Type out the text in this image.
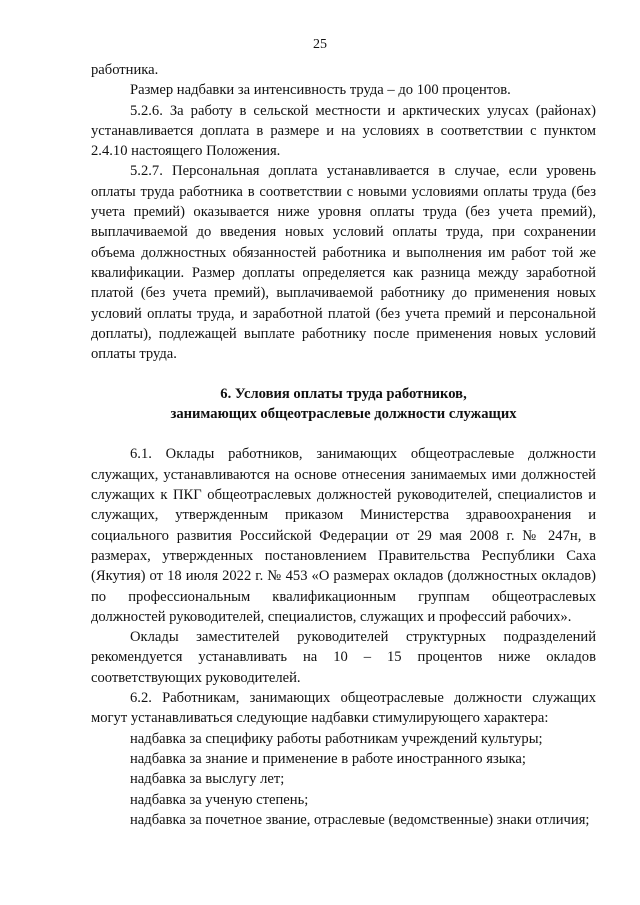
25

работника.

Размер надбавки за интенсивность труда – до 100 процентов.

5.2.6. За работу в сельской местности и арктических улусах (районах) устанавливается доплата в размере и на условиях в соответствии с пунктом 2.4.10 настоящего Положения.

5.2.7. Персональная доплата устанавливается в случае, если уровень оплаты труда работника в соответствии с новыми условиями оплаты труда (без учета премий) оказывается ниже уровня оплаты труда (без учета премий), выплачиваемой до введения новых условий оплаты труда, при сохранении объема должностных обязанностей работника и выполнения им работ той же квалификации. Размер доплаты определяется как разница между заработной платой (без учета премий), выплачиваемой работнику до применения новых условий оплаты труда, и заработной платой (без учета премий и персональной доплаты), подлежащей выплате работнику после применения новых условий оплаты труда.

6. Условия оплаты труда работников,
занимающих общеотраслевые должности служащих

6.1. Оклады работников, занимающих общеотраслевые должности служащих, устанавливаются на основе отнесения занимаемых ими должностей служащих к ПКГ общеотраслевых должностей руководителей, специалистов и служащих, утвержденным приказом Министерства здравоохранения и социального развития Российской Федерации от 29 мая 2008 г. № 247н, в размерах, утвержденных постановлением Правительства Республики Саха (Якутия) от 18 июля 2022 г. № 453 «О размерах окладов (должностных окладов) по профессиональным квалификационным группам общеотраслевых должностей руководителей, специалистов, служащих и профессий рабочих».

Оклады заместителей руководителей структурных подразделений рекомендуется устанавливать на 10 – 15 процентов ниже окладов соответствующих руководителей.

6.2. Работникам, занимающих общеотраслевые должности служащих могут устанавливаться следующие надбавки стимулирующего характера:

надбавка за специфику работы работникам учреждений культуры;

надбавка за знание и применение в работе иностранного языка;

надбавка за выслугу лет;

надбавка за ученую степень;

надбавка за почетное звание, отраслевые (ведомственные) знаки отличия;
